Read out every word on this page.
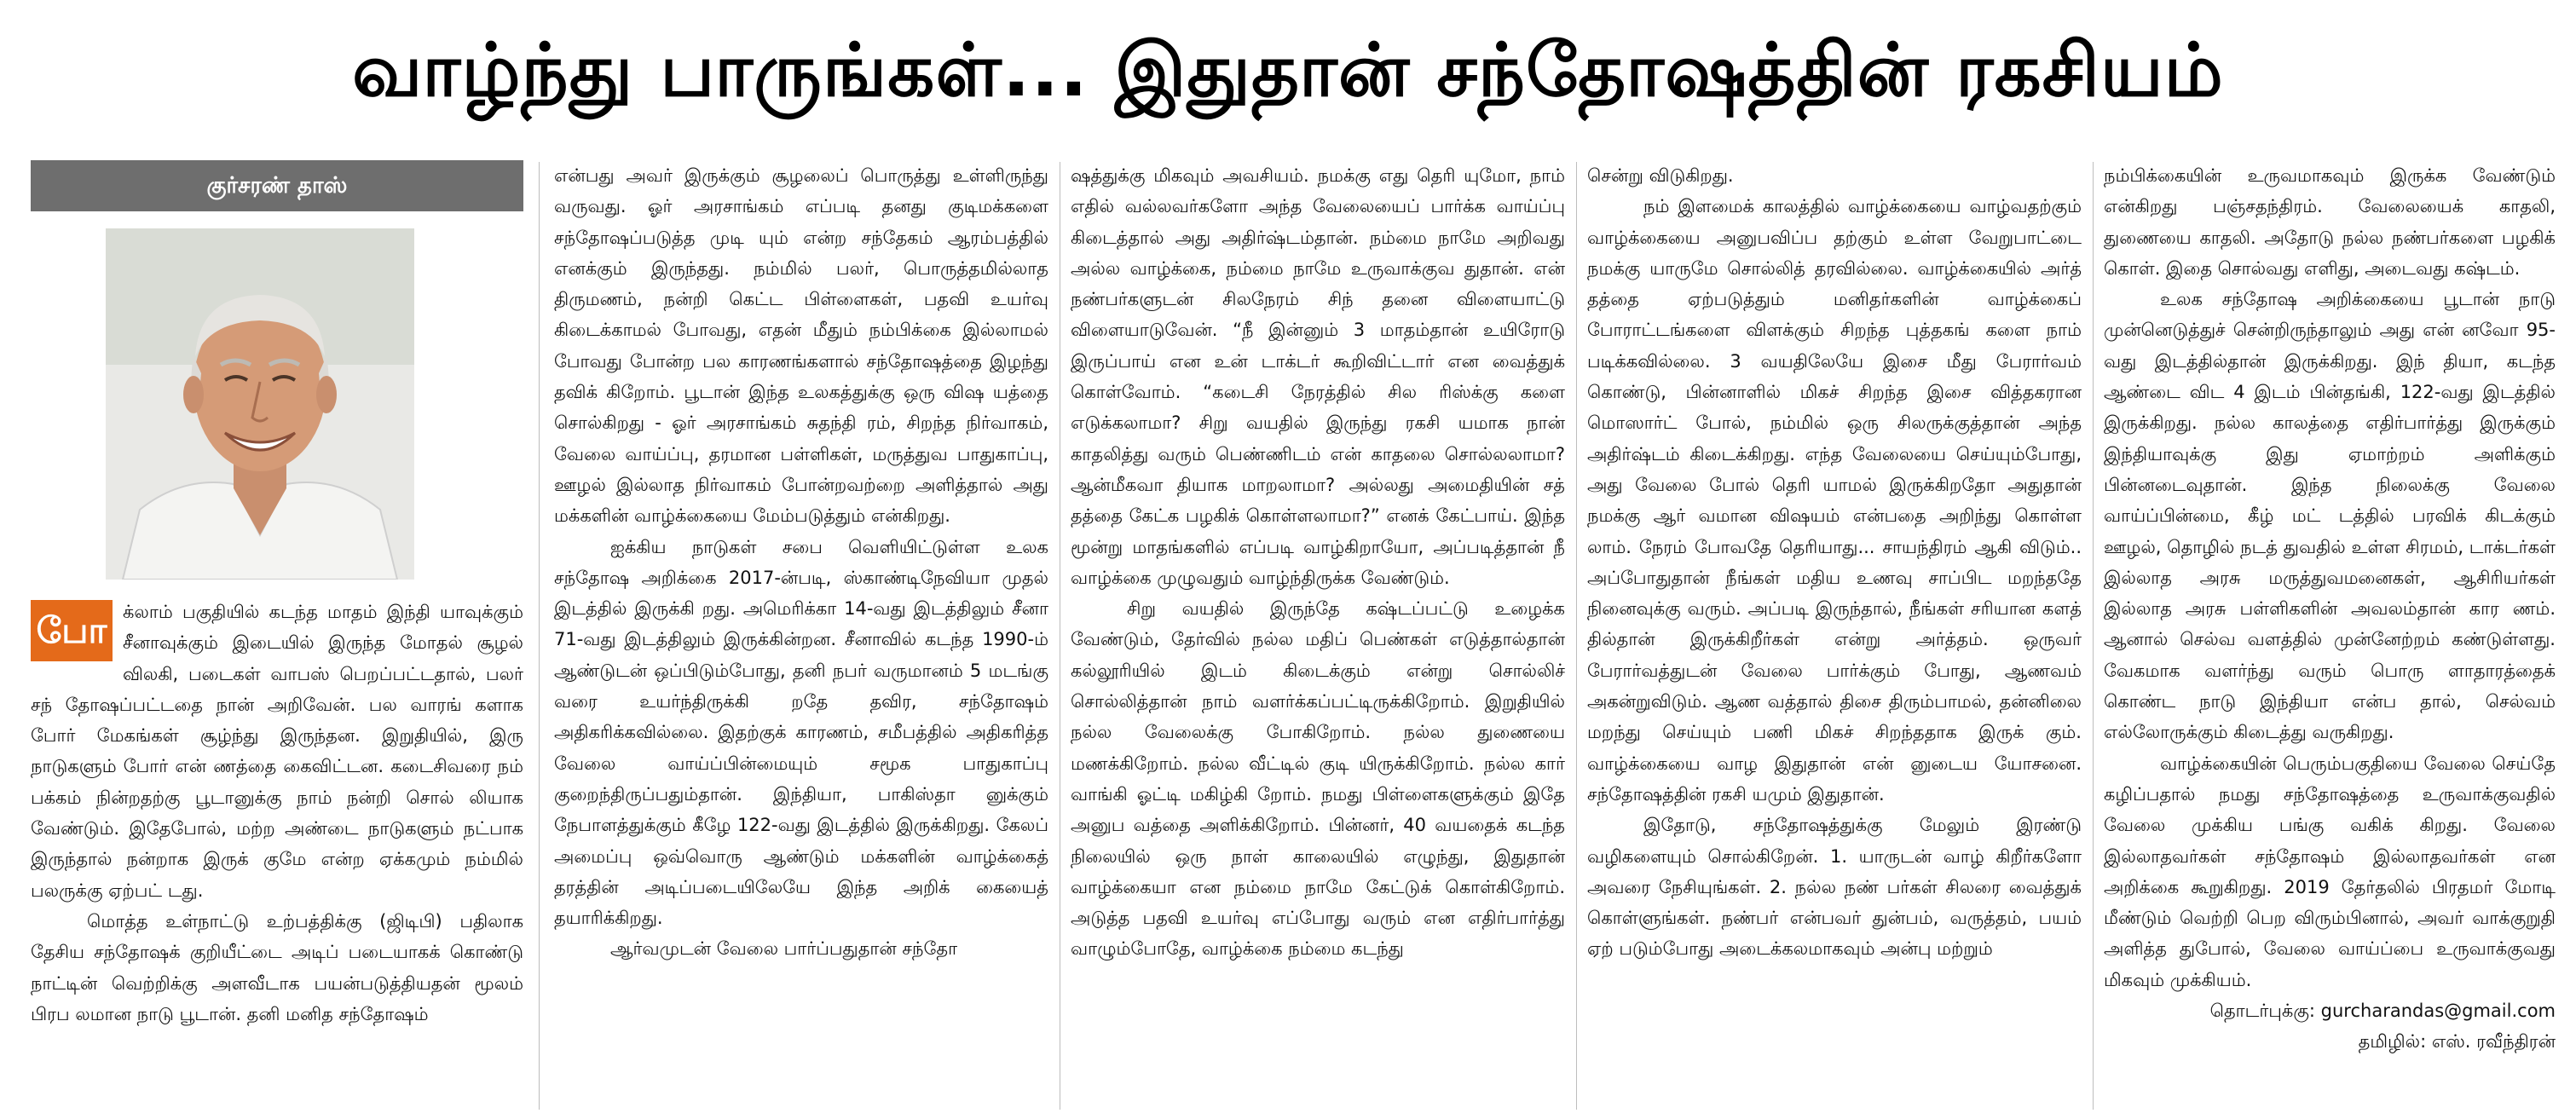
வாழ்ந்து பாருங்கள்... இதுதான் சந்தோஷத்தின் ரகசியம்
குர்சரண் தாஸ்
போ க்லாம் பகுதியில் கடந்த மாதம் இந்தி யாவுக்கும் சீனாவுக்கும் இடையில் இருந்த மோதல் சூழல் விலகி, படைகள் வாபஸ் பெறப்பட்டதால், பலர் சந் தோஷப்பட்டதை நான் அறிவேன். பல வாரங் களாக போர் மேகங்கள் சூழ்ந்து இருந்தன. இறுதியில், இரு நாடுகளும் போர் என் ணத்தை கைவிட்டன. கடைசிவரை நம் பக்கம் நின்றதற்கு பூடானுக்கு நாம் நன்றி சொல் லியாக வேண்டும். இதேபோல், மற்ற அண்டை நாடுகளும் நட்பாக இருந்தால் நன்றாக இருக் குமே என்ற ஏக்கமும் நம்மில் பலருக்கு ஏற்பட் டது.

மொத்த உள்நாட்டு உற்பத்திக்கு (ஜிடிபி) பதிலாக தேசிய சந்தோஷக் குறியீட்டை அடிப் படையாகக் கொண்டு நாட்டின் வெற்றிக்கு அளவீடாக பயன்படுத்தியதன் மூலம் பிரப லமான நாடு பூடான். தனி மனித சந்தோஷம்

என்பது அவர் இருக்கும் சூழலைப் பொருத்து உள்ளிருந்து வருவது. ஓர் அரசாங்கம் எப்படி தனது குடிமக்களை சந்தோஷப்படுத்த முடி யும் என்ற சந்தேகம் ஆரம்பத்தில் எனக்கும் இருந்தது. நம்மில் பலர், பொருத்தமில்லாத திருமணம், நன்றி கெட்ட பிள்ளைகள், பதவி உயர்வு கிடைக்காமல் போவது, எதன் மீதும் நம்பிக்கை இல்லாமல் போவது போன்ற பல காரணங்களால் சந்தோஷத்தை இழந்து தவிக் கிறோம். பூடான் இந்த உலகத்துக்கு ஒரு விஷ யத்தை சொல்கிறது - ஓர் அரசாங்கம் சுதந்தி ரம், சிறந்த நிர்வாகம், வேலை வாய்ப்பு, தரமான பள்ளிகள், மருத்துவ பாதுகாப்பு, ஊழல் இல்லாத நிர்வாகம் போன்றவற்றை அளித்தால் அது மக்களின் வாழ்க்கையை மேம்படுத்தும் என்கிறது.

ஐக்கிய நாடுகள் சபை வெளியிட்டுள்ள உலக சந்தோஷ அறிக்கை 2017-ன்படி, ஸ்காண்டிநேவியா முதல் இடத்தில் இருக்கி றது. அமெரிக்கா 14-வது இடத்திலும் சீனா 71-வது இடத்திலும் இருக்கின்றன. சீனாவில் கடந்த 1990-ம் ஆண்டுடன் ஒப்பிடும்போது, தனி நபர் வருமானம் 5 மடங்கு வரை உயர்ந்திருக்கி றதே தவிர, சந்தோஷம் அதிகரிக்கவில்லை. இதற்குக் காரணம், சமீபத்தில் அதிகரித்த வேலை வாய்ப்பின்மையும் சமூக பாதுகாப்பு குறைந்திருப்பதும்தான். இந்தியா, பாகிஸ்தா னுக்கும் நேபாளத்துக்கும் கீழே 122-வது இடத்தில் இருக்கிறது. கேலப் அமைப்பு ஒவ்வொரு ஆண்டும் மக்களின் வாழ்க்கைத் தரத்தின் அடிப்படையிலேயே இந்த அறிக் கையைத் தயாரிக்கிறது.

ஆர்வமுடன் வேலை பார்ப்பதுதான் சந்தோ

ஷத்துக்கு மிகவும் அவசியம். நமக்கு எது தெரி யுமோ, நாம் எதில் வல்லவர்களோ அந்த வேலையைப் பார்க்க வாய்ப்பு கிடைத்தால் அது அதிர்ஷ்டம்தான். நம்மை நாமே அறிவது அல்ல வாழ்க்கை, நம்மை நாமே உருவாக்குவ துதான். என் நண்பர்களுடன் சிலநேரம் சிந் தனை விளையாட்டு விளையாடுவேன். “நீ இன்னும் 3 மாதம்தான் உயிரோடு இருப்பாய் என உன் டாக்டர் கூறிவிட்டார் என வைத்துக் கொள்வோம். “கடைசி நேரத்தில் சில ரிஸ்க்கு களை எடுக்கலாமா? சிறு வயதில் இருந்து ரகசி யமாக நான் காதலித்து வரும் பெண்ணிடம் என் காதலை சொல்லலாமா? ஆன்மீகவா தியாக மாறலாமா? அல்லது அமைதியின் சத் தத்தை கேட்க பழகிக் கொள்ளலாமா?” எனக் கேட்பாய். இந்த மூன்று மாதங்களில் எப்படி வாழ்கிறாயோ, அப்படித்தான் நீ வாழ்க்கை முழுவதும் வாழ்ந்திருக்க வேண்டும்.

சிறு வயதில் இருந்தே கஷ்டப்பட்டு உழைக்க வேண்டும், தேர்வில் நல்ல மதிப் பெண்கள் எடுத்தால்தான் கல்லூரியில் இடம் கிடைக்கும் என்று சொல்லிச் சொல்லித்தான் நாம் வளர்க்கப்பட்டிருக்கிறோம். இறுதியில் நல்ல வேலைக்கு போகிறோம். நல்ல துணையை மணக்கிறோம். நல்ல வீட்டில் குடி யிருக்கிறோம். நல்ல கார் வாங்கி ஓட்டி மகிழ்கி றோம். நமது பிள்ளைகளுக்கும் இதே அனுப வத்தை அளிக்கிறோம். பின்னர், 40 வயதைக் கடந்த நிலையில் ஒரு நாள் காலையில் எழுந்து, இதுதான் வாழ்க்கையா என நம்மை நாமே கேட்டுக் கொள்கிறோம். அடுத்த பதவி உயர்வு எப்போது வரும் என எதிர்பார்த்து வாழும்போதே, வாழ்க்கை நம்மை கடந்து

சென்று விடுகிறது.

நம் இளமைக் காலத்தில் வாழ்க்கையை வாழ்வதற்கும் வாழ்க்கையை அனுபவிப்ப தற்கும் உள்ள வேறுபாட்டை நமக்கு யாருமே சொல்லித் தரவில்லை. வாழ்க்கையில் அர்த் தத்தை ஏற்படுத்தும் மனிதர்களின் வாழ்க்கைப் போராட்டங்களை விளக்கும் சிறந்த புத்தகங் களை நாம் படிக்கவில்லை. 3 வயதிலேயே இசை மீது பேரார்வம் கொண்டு, பின்னாளில் மிகச் சிறந்த இசை வித்தகரான மொஸார்ட் போல், நம்மில் ஒரு சிலருக்குத்தான் அந்த அதிர்ஷ்டம் கிடைக்கிறது. எந்த வேலையை செய்யும்போது, அது வேலை போல் தெரி யாமல் இருக்கிறதோ அதுதான் நமக்கு ஆர் வமான விஷயம் என்பதை அறிந்து கொள்ள லாம். நேரம் போவதே தெரியாது... சாயந்திரம் ஆகி விடும்.. அப்போதுதான் நீங்கள் மதிய உணவு சாப்பிட மறந்ததே நினைவுக்கு வரும். அப்படி இருந்தால், நீங்கள் சரியான களத் தில்தான் இருக்கிறீர்கள் என்று அர்த்தம். ஒருவர் பேரார்வத்துடன் வேலை பார்க்கும் போது, ஆணவம் அகன்றுவிடும். ஆண வத்தால் திசை திரும்பாமல், தன்னிலை மறந்து செய்யும் பணி மிகச் சிறந்ததாக இருக் கும். வாழ்க்கையை வாழ இதுதான் என் னுடைய யோசனை. சந்தோஷத்தின் ரகசி யமும் இதுதான்.

இதோடு, சந்தோஷத்துக்கு மேலும் இரண்டு வழிகளையும் சொல்கிறேன். 1. யாருடன் வாழ் கிறீர்களோ அவரை நேசியுங்கள். 2. நல்ல நண் பர்கள் சிலரை வைத்துக் கொள்ளுங்கள். நண்பர் என்பவர் துன்பம், வருத்தம், பயம் ஏற் படும்போது அடைக்கலமாகவும் அன்பு மற்றும்

நம்பிக்கையின் உருவமாகவும் இருக்க வேண்டும் என்கிறது பஞ்சதந்திரம். வேலையைக் காதலி, துணையை காதலி. அதோடு நல்ல நண்பர்களை பழகிக் கொள். இதை சொல்வது எளிது, அடைவது கஷ்டம்.

உலக சந்தோஷ அறிக்கையை பூடான் நாடு முன்னெடுத்துச் சென்றிருந்தாலும் அது என் னவோ 95-வது இடத்தில்தான் இருக்கிறது. இந் தியா, கடந்த ஆண்டை விட 4 இடம் பின்தங்கி, 122-வது இடத்தில் இருக்கிறது. நல்ல காலத்தை எதிர்பார்த்து இருக்கும் இந்தியாவுக்கு இது ஏமாற்றம் அளிக்கும் பின்னடைவுதான். இந்த நிலைக்கு வேலை வாய்ப்பின்மை, கீழ் மட் டத்தில் பரவிக் கிடக்கும் ஊழல், தொழில் நடத் துவதில் உள்ள சிரமம், டாக்டர்கள் இல்லாத அரசு மருத்துவமனைகள், ஆசிரியர்கள் இல்லாத அரசு பள்ளிகளின் அவலம்தான் கார ணம். ஆனால் செல்வ வளத்தில் முன்னேற்றம் கண்டுள்ளது. வேகமாக வளர்ந்து வரும் பொரு ளாதாரத்தைக் கொண்ட நாடு இந்தியா என்ப தால், செல்வம் எல்லோருக்கும் கிடைத்து வருகிறது.

வாழ்க்கையின் பெரும்பகுதியை வேலை செய்தே கழிப்பதால் நமது சந்தோஷத்தை உருவாக்குவதில் வேலை முக்கிய பங்கு வகிக் கிறது. வேலை இல்லாதவர்கள் சந்தோஷம் இல்லாதவர்கள் என அறிக்கை கூறுகிறது. 2019 தேர்தலில் பிரதமர் மோடி மீண்டும் வெற்றி பெற விரும்பினால், அவர் வாக்குறுதி அளித்த துபோல், வேலை வாய்ப்பை உருவாக்குவது மிகவும் முக்கியம்.

தொடர்புக்கு: gurcharandas@gmail.com

தமிழில்: எஸ். ரவீந்திரன்
